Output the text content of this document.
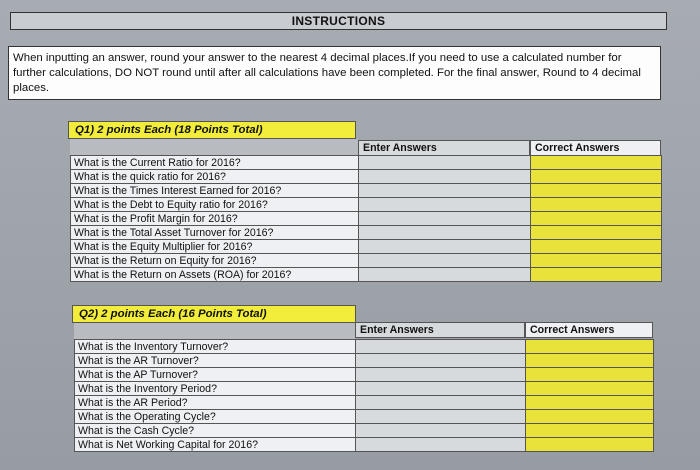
INSTRUCTIONS
When inputting an answer, round your answer to the nearest 4 decimal places.If you need to use a calculated number for further calculations, DO NOT round until after all calculations have been completed. For the final answer, Round to 4 decimal places.
Q1) 2 points Each (18 Points Total)
Enter Answers	Correct Answers
What is the Current Ratio for 2016?		
What is the quick ratio for 2016?		
What is the Times Interest Earned for 2016?		
What is the Debt to Equity ratio for 2016?		
What is the Profit Margin for 2016?		
What is the Total Asset Turnover for 2016?		
What is the Equity Multiplier for 2016?		
What is the Return on Equity for 2016?		
What is the Return on Assets (ROA) for 2016?		
Q2) 2 points Each (16 Points Total)
Enter Answers	Correct Answers
What is the Inventory Turnover?		
What is the AR Turnover?		
What is the AP Turnover?		
What is the Inventory Period?		
What is the AR Period?		
What is the Operating Cycle?		
What is the Cash Cycle?		
What is Net Working Capital for 2016?		
